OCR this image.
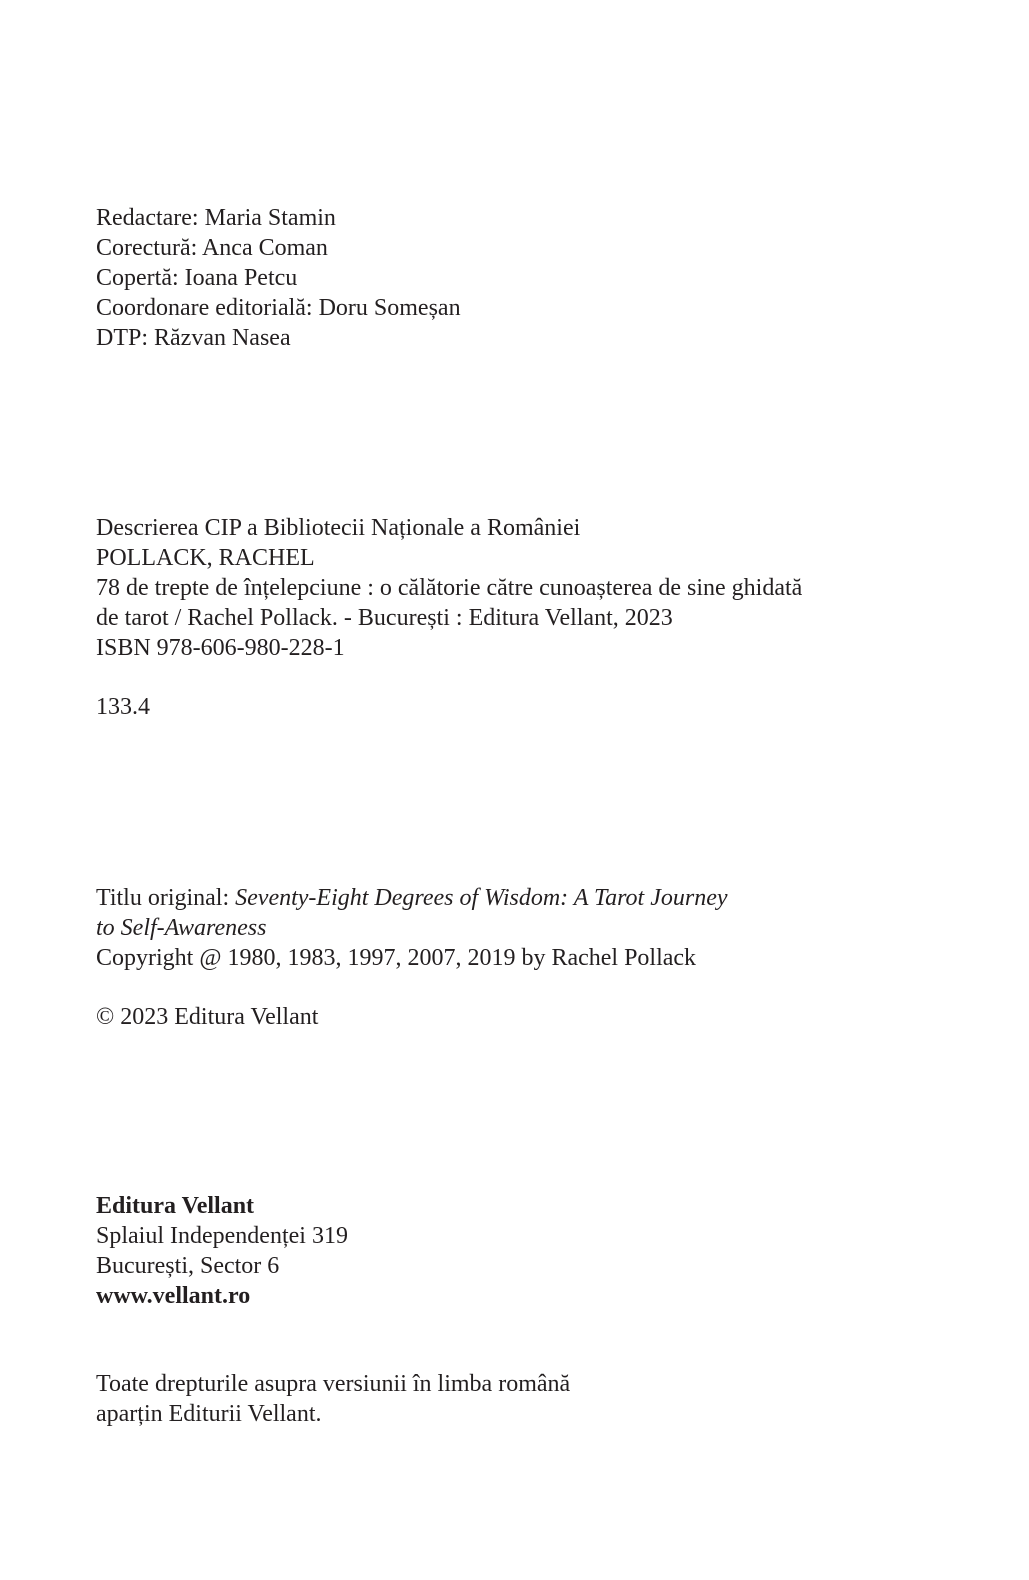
Redactare: Maria Stamin

Corectură: Anca Coman

Copertă: Ioana Petcu

Coordonare editorială: Doru Someșan

DTP: Răzvan Nasea

Descrierea CIP a Bibliotecii Naționale a României

POLLACK, RACHEL

78 de trepte de înțelepciune : o călătorie către cunoașterea de sine ghidată

de tarot / Rachel Pollack. - București : Editura Vellant, 2023

ISBN 978-606-980-228-1

133.4

Titlu original: Seventy-Eight Degrees of Wisdom: A Tarot Journey

to Self-Awareness

Copyright @ 1980, 1983, 1997, 2007, 2019 by Rachel Pollack

© 2023 Editura Vellant

Editura Vellant

Splaiul Independenței 319

București, Sector 6

www.vellant.ro

Toate drepturile asupra versiunii în limba română

aparțin Editurii Vellant.
